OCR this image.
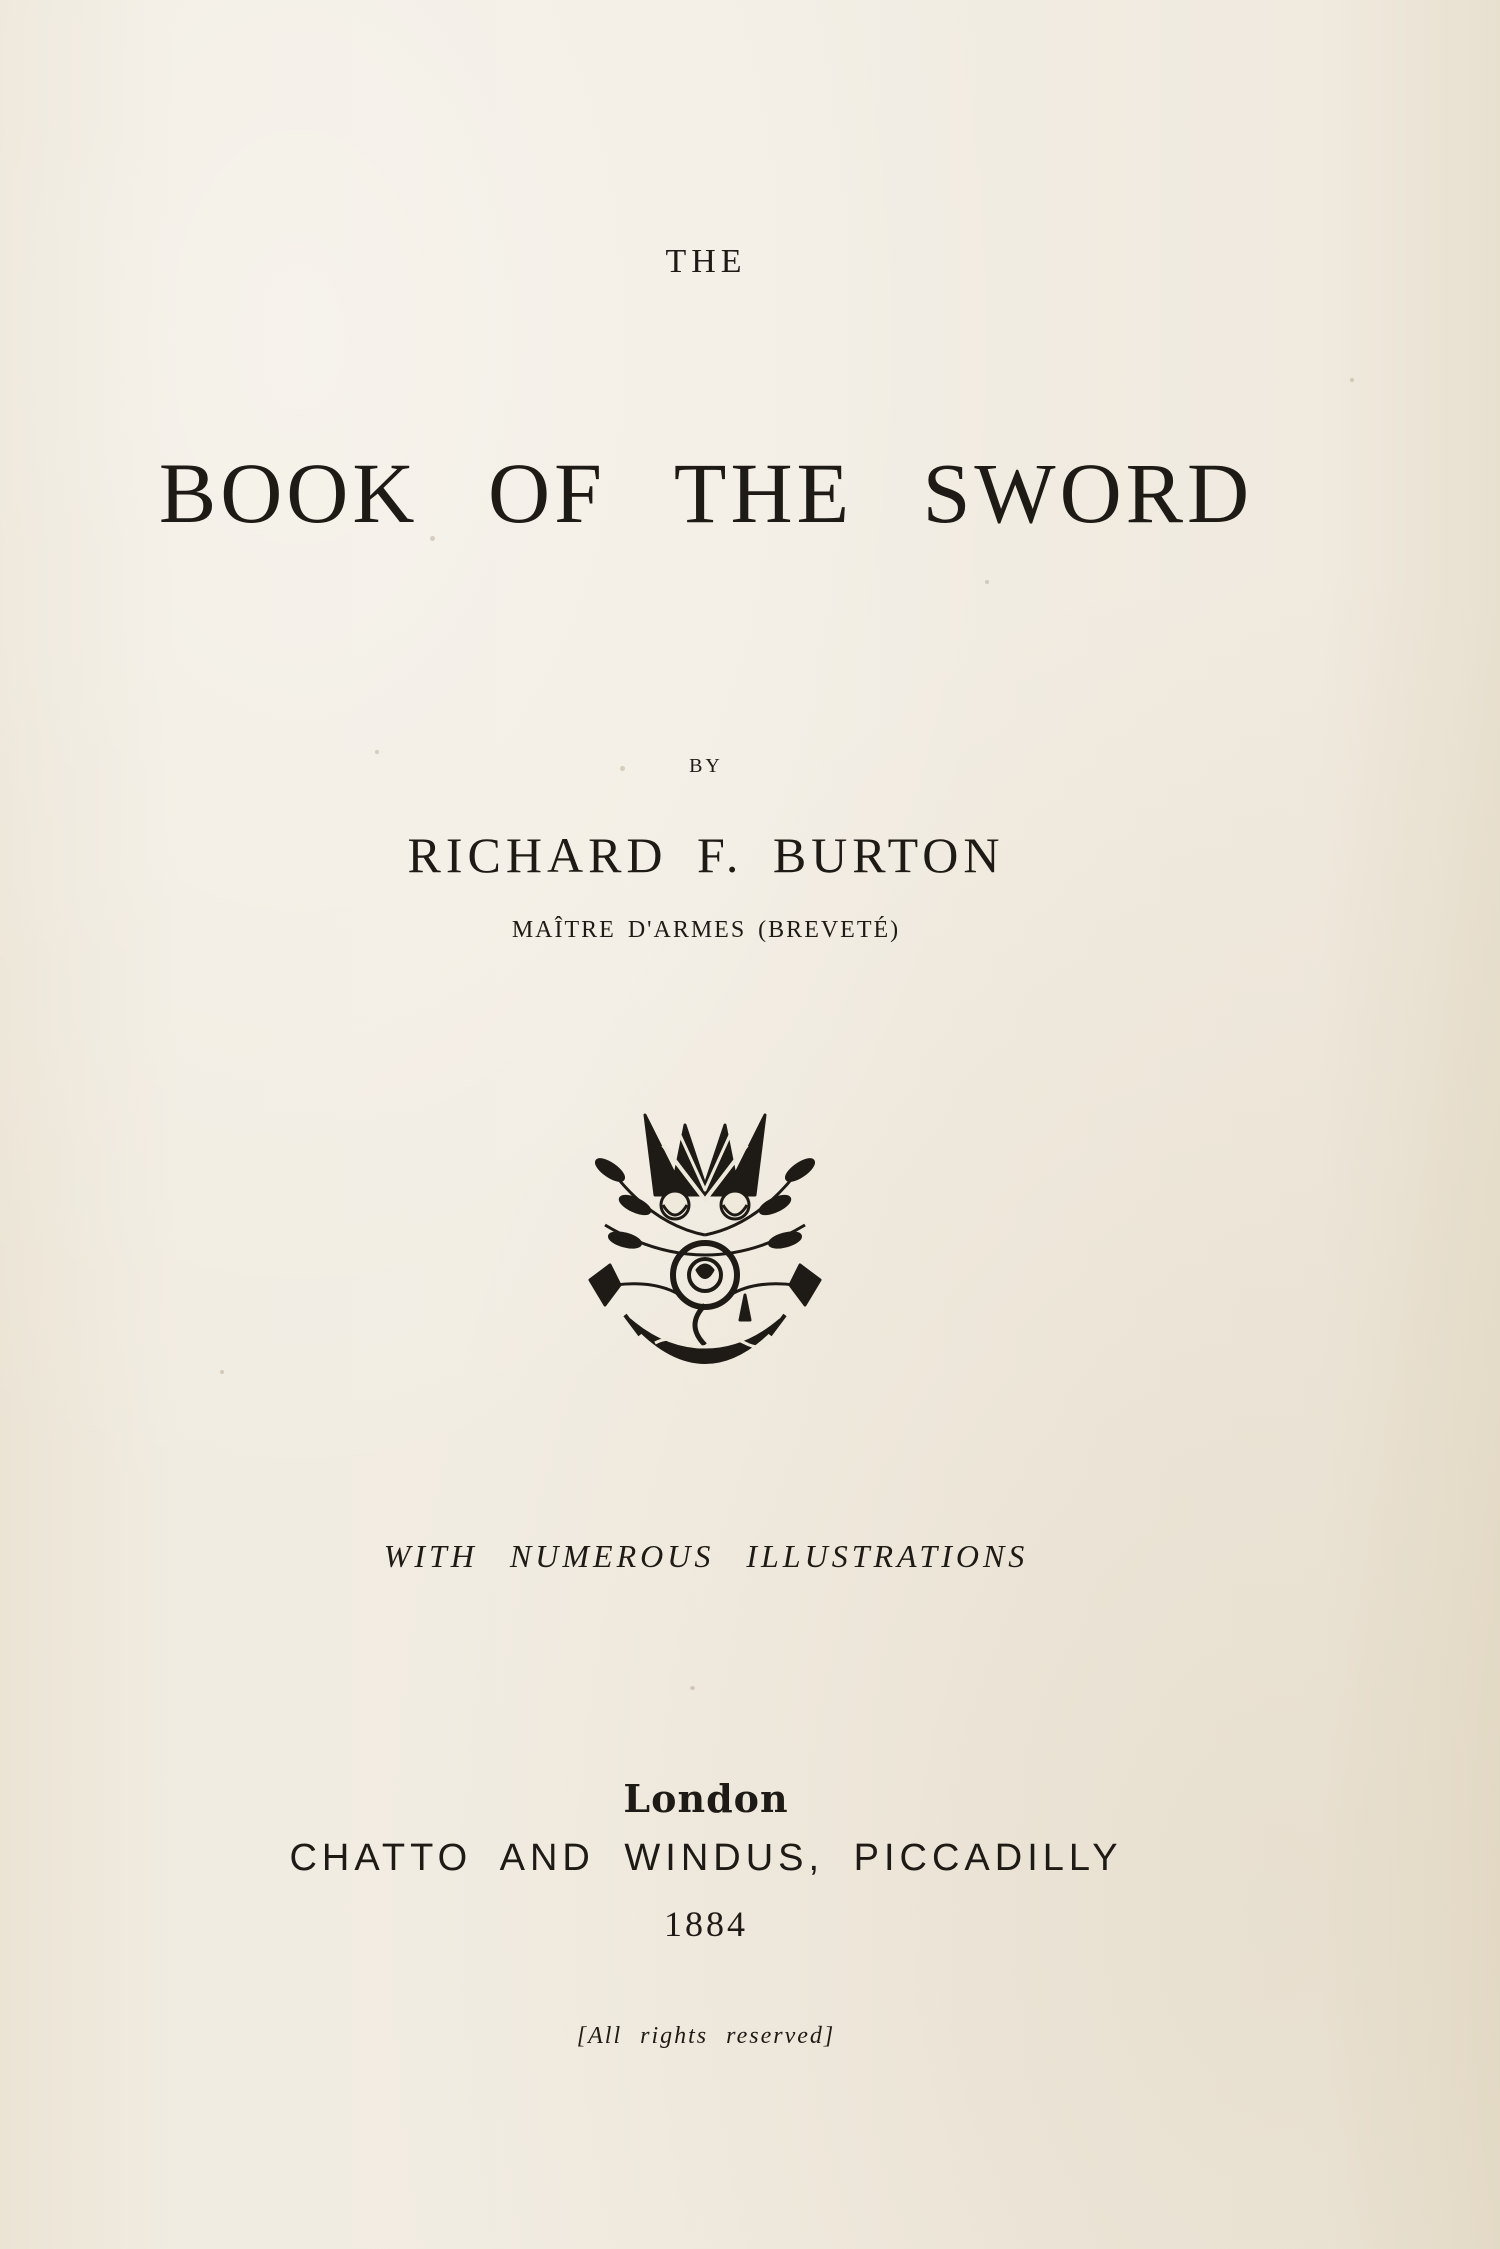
THE
BOOK OF THE SWORD
BY
RICHARD F. BURTON
MAÎTRE D'ARMES (BREVETÉ)
WITH NUMEROUS ILLUSTRATIONS
London
CHATTO AND WINDUS, PICCADILLY
1884
[All rights reserved]
